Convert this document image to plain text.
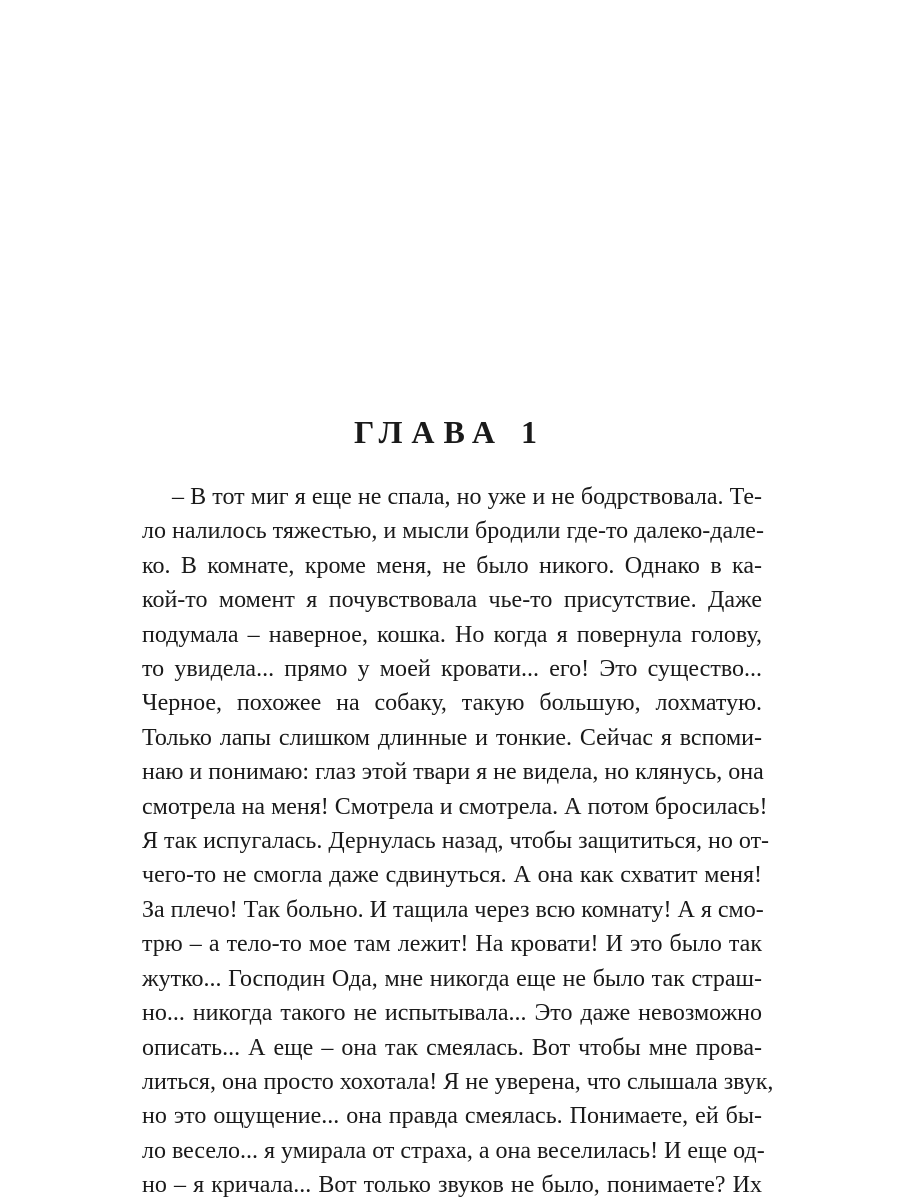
ГЛАВА 1
– В тот миг я еще не спала, но уже и не бодрствовала. Те-
ло налилось тяжестью, и мысли бродили где-то далеко-дале-
ко. В комнате, кроме меня, не было никого. Однако в ка-
кой-то момент я почувствовала чье-то присутствие. Даже
подумала – наверное, кошка. Но когда я повернула голову,
то увидела... прямо у моей кровати... его! Это существо...
Черное, похожее на собаку, такую большую, лохматую.
Только лапы слишком длинные и тонкие. Сейчас я вспоми-
наю и понимаю: глаз этой твари я не видела, но клянусь, она
смотрела на меня! Смотрела и смотрела. А потом бросилась!
Я так испугалась. Дернулась назад, чтобы защититься, но от-
чего-то не смогла даже сдвинуться. А она как схватит меня!
За плечо! Так больно. И тащила через всю комнату! А я смо-
трю – а тело-то мое там лежит! На кровати! И это было так
жутко... Господин Ода, мне никогда еще не было так страш-
но... никогда такого не испытывала... Это даже невозможно
описать... А еще – она так смеялась. Вот чтобы мне прова-
литься, она просто хохотала! Я не уверена, что слышала звук,
но это ощущение... она правда смеялась. Понимаете, ей бы-
ло весело... я умирала от страха, а она веселилась! И еще од-
но – я кричала... Вот только звуков не было, понимаете? Их
